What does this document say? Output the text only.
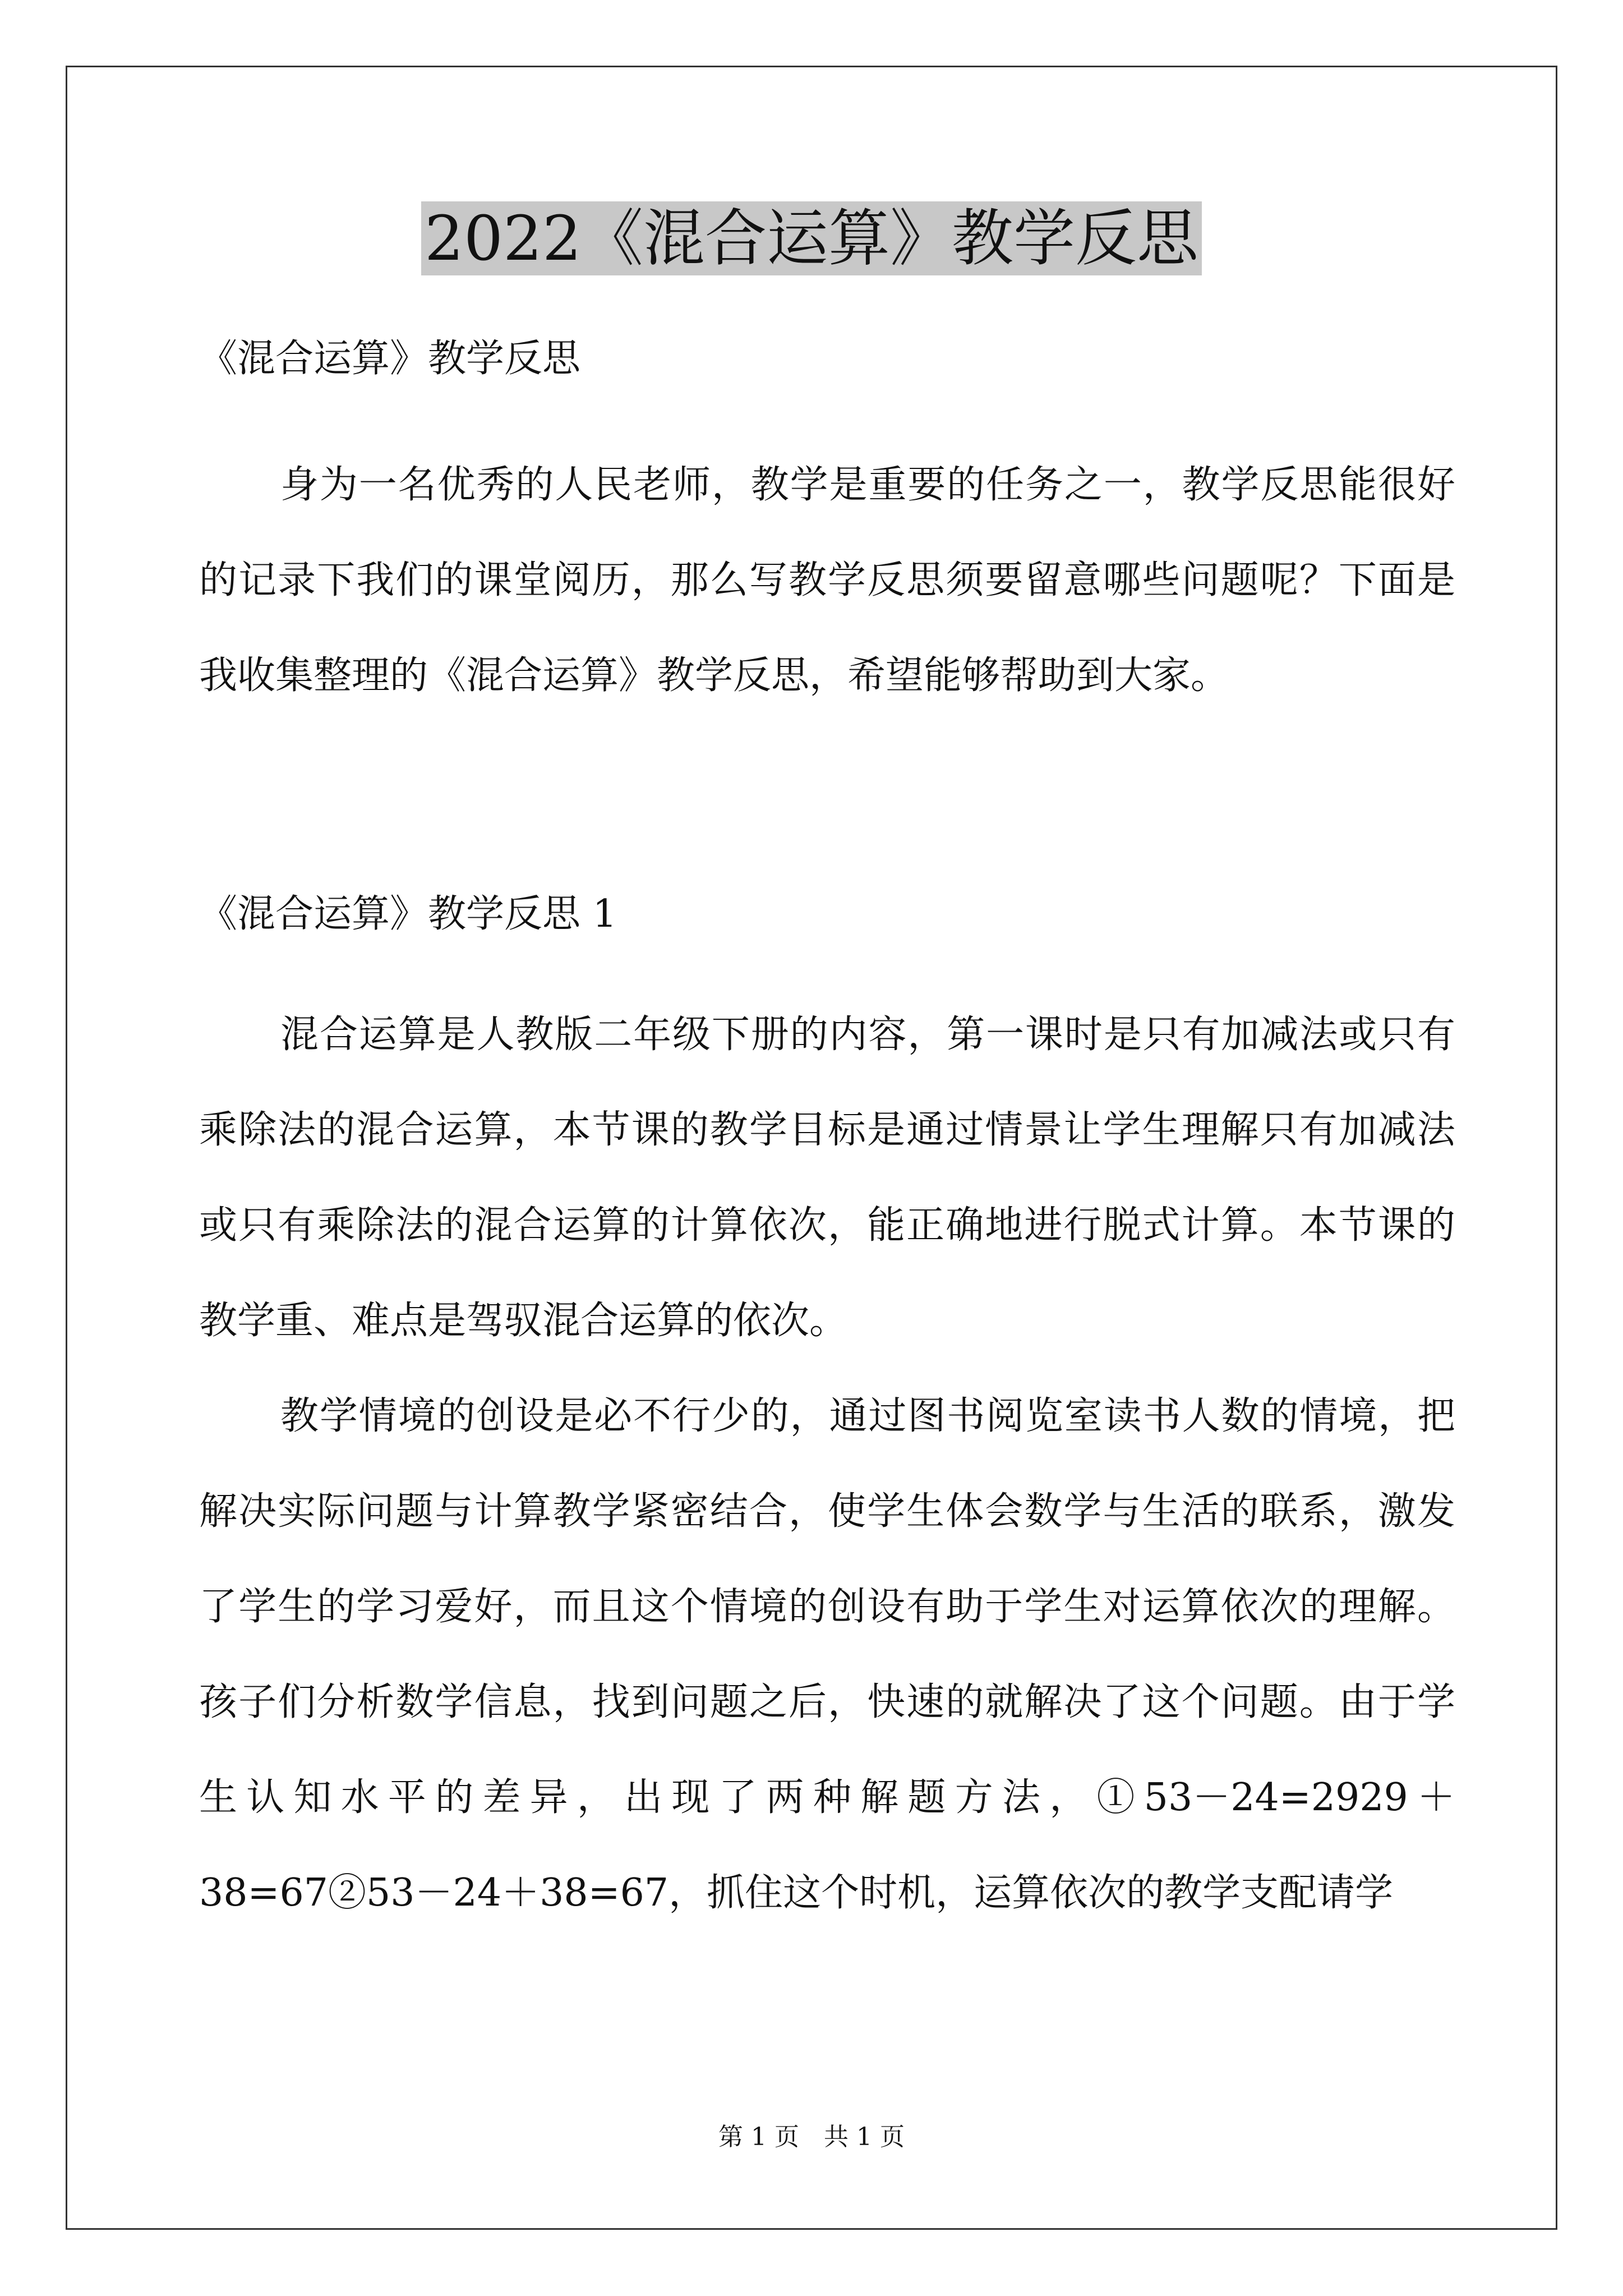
2022《混合运算》教学反思

《混合运算》教学反思

身为一名优秀的人民老师，教学是重要的任务之一，教学反思能很好的记录下我们的课堂阅历，那么写教学反思须要留意哪些问题呢？下面是我收集整理的《混合运算》教学反思，希望能够帮助到大家。

《混合运算》教学反思 1

混合运算是人教版二年级下册的内容，第一课时是只有加减法或只有乘除法的混合运算，本节课的教学目标是通过情景让学生理解只有加减法或只有乘除法的混合运算的计算依次，能正确地进行脱式计算。本节课的教学重、难点是驾驭混合运算的依次。

教学情境的创设是必不行少的，通过图书阅览室读书人数的情境，把解决实际问题与计算教学紧密结合，使学生体会数学与生活的联系，激发了学生的学习爱好，而且这个情境的创设有助于学生对运算依次的理解。孩子们分析数学信息，找到问题之后，快速的就解决了这个问题。由于学生认知水平的差异，出现了两种解题方法，①53－24=2929＋38=67②53－24＋38=67，抓住这个时机，运算依次的教学支配请学

第 1 页　共 1 页
